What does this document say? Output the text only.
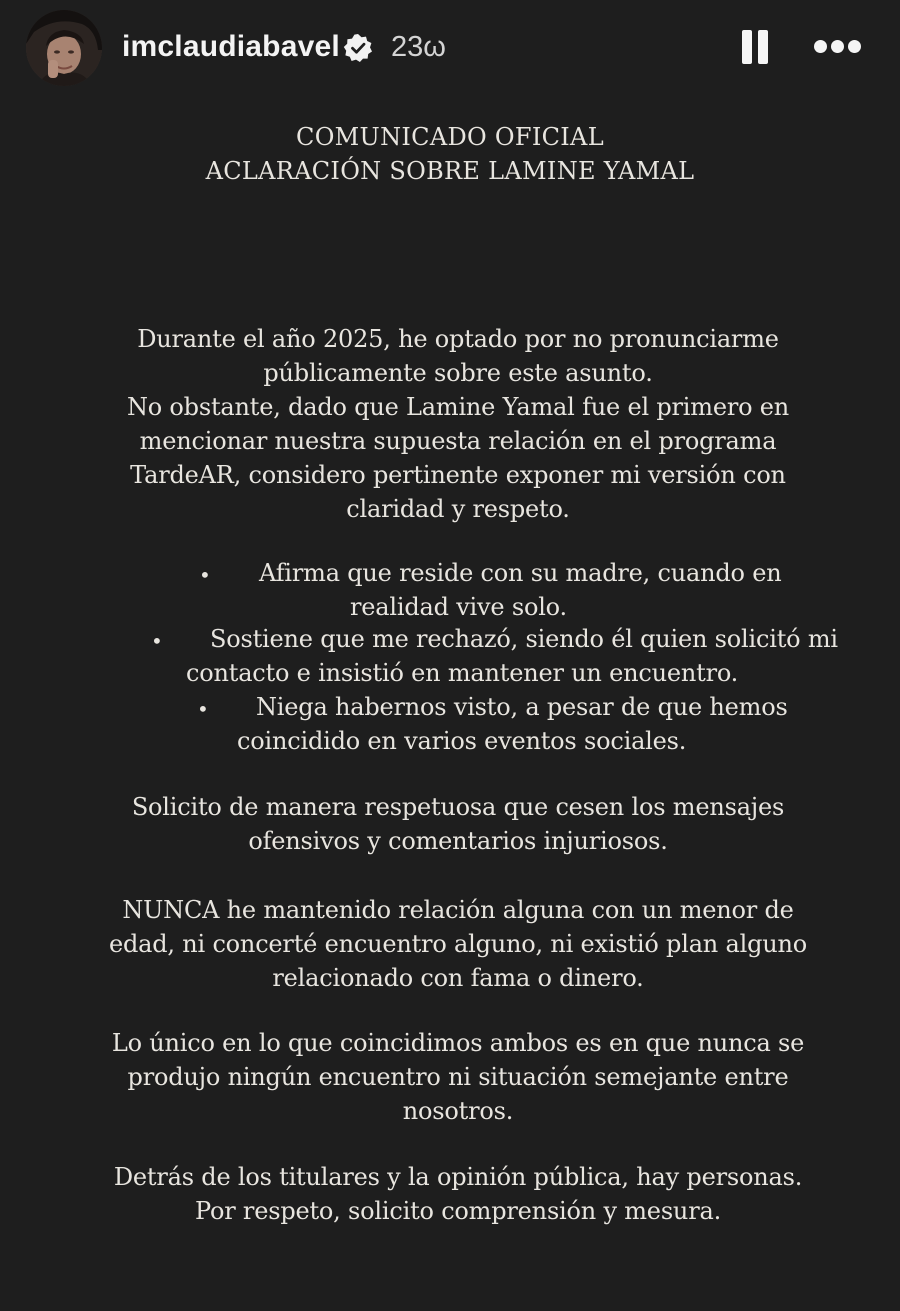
imclaudiabavel 23ω
COMUNICADO OFICIAL
ACLARACIÓN SOBRE LAMINE YAMAL
Durante el año 2025, he optado por no pronunciarme
públicamente sobre este asunto.
No obstante, dado que Lamine Yamal fue el primero en
mencionar nuestra supuesta relación en el programa
TardeAR, considero pertinente exponer mi versión con
claridad y respeto.
• Afirma que reside con su madre, cuando en
realidad vive solo.
• Sostiene que me rechazó, siendo él quien solicitó mi
contacto e insistió en mantener un encuentro.
• Niega habernos visto, a pesar de que hemos
coincidido en varios eventos sociales.
Solicito de manera respetuosa que cesen los mensajes
ofensivos y comentarios injuriosos.
NUNCA he mantenido relación alguna con un menor de
edad, ni concerté encuentro alguno, ni existió plan alguno
relacionado con fama o dinero.
Lo único en lo que coincidimos ambos es en que nunca se
produjo ningún encuentro ni situación semejante entre
nosotros.
Detrás de los titulares y la opinión pública, hay personas.
Por respeto, solicito comprensión y mesura.
